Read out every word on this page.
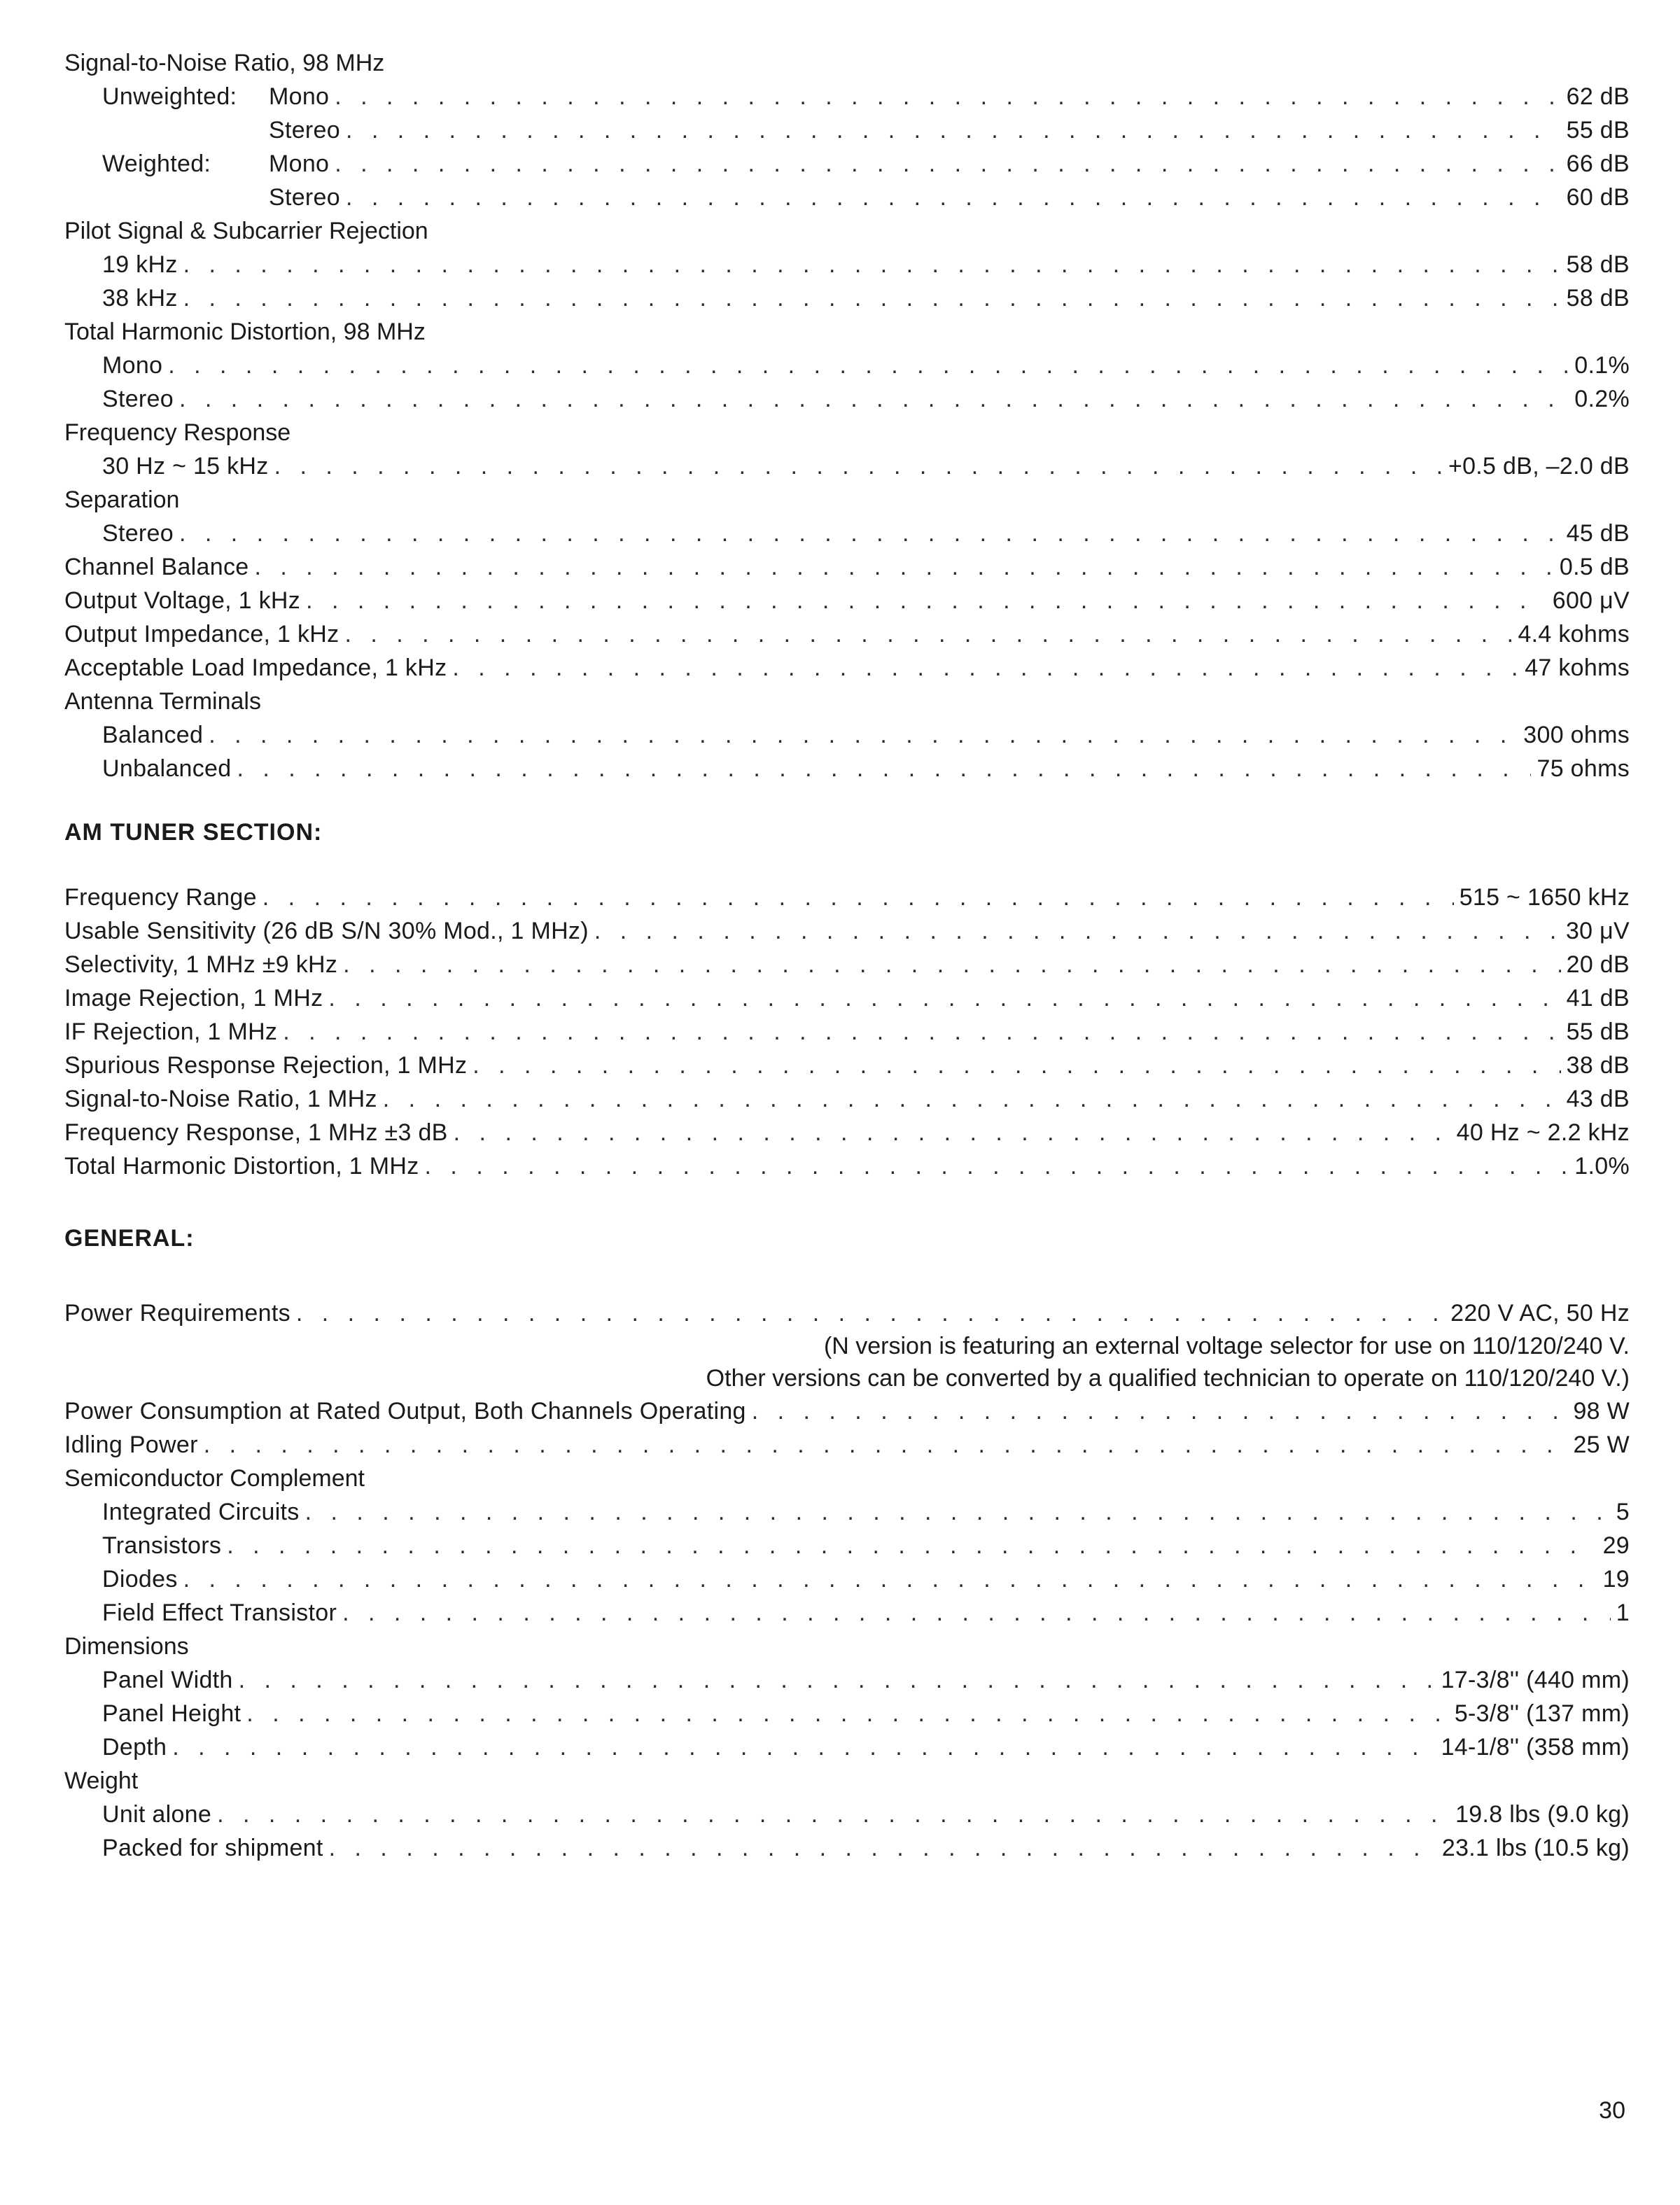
Signal-to-Noise Ratio, 98 MHz
Unweighted: Mono . . .	62 dB
Stereo . . .	55 dB
Weighted: Mono . . .	66 dB
Stereo . . .	60 dB
Pilot Signal & Subcarrier Rejection
19 kHz . . .	58 dB
38 kHz . . .	58 dB
Total Harmonic Distortion, 98 MHz
Mono . . .	0.1%
Stereo . . .	0.2%
Frequency Response
30 Hz ~ 15 kHz . . .	+0.5 dB, –2.0 dB
Separation
Stereo . . .	45 dB
Channel Balance . . .	0.5 dB
Output Voltage, 1 kHz . . .	600 μV
Output Impedance, 1 kHz . . .	4.4 kohms
Acceptable Load Impedance, 1 kHz . . .	47 kohms
Antenna Terminals
Balanced . . .	300 ohms
Unbalanced . . .	75 ohms
AM TUNER SECTION:
Frequency Range . . .	515 ~ 1650 kHz
Usable Sensitivity (26 dB S/N 30% Mod., 1 MHz) . . .	30 μV
Selectivity, 1 MHz ±9 kHz . . .	20 dB
Image Rejection, 1 MHz . . .	41 dB
IF Rejection, 1 MHz . . .	55 dB
Spurious Response Rejection, 1 MHz . . .	38 dB
Signal-to-Noise Ratio, 1 MHz . . .	43 dB
Frequency Response, 1 MHz ±3 dB . . .	40 Hz ~ 2.2 kHz
Total Harmonic Distortion, 1 MHz . . .	1.0%
GENERAL:
Power Requirements . . .	220 V AC, 50 Hz
(N version is featuring an external voltage selector for use on 110/120/240 V.
Other versions can be converted by a qualified technician to operate on 110/120/240 V.)
Power Consumption at Rated Output, Both Channels Operating . . .	98 W
Idling Power . . .	25 W
Semiconductor Complement
Integrated Circuits . . .	5
Transistors . . .	29
Diodes . . .	19
Field Effect Transistor . . .	1
Dimensions
Panel Width . . .	17-3/8'' (440 mm)
Panel Height . . .	5-3/8'' (137 mm)
Depth . . .	14-1/8'' (358 mm)
Weight
Unit alone . . .	19.8 lbs (9.0 kg)
Packed for shipment . . .	23.1 lbs (10.5 kg)
30
